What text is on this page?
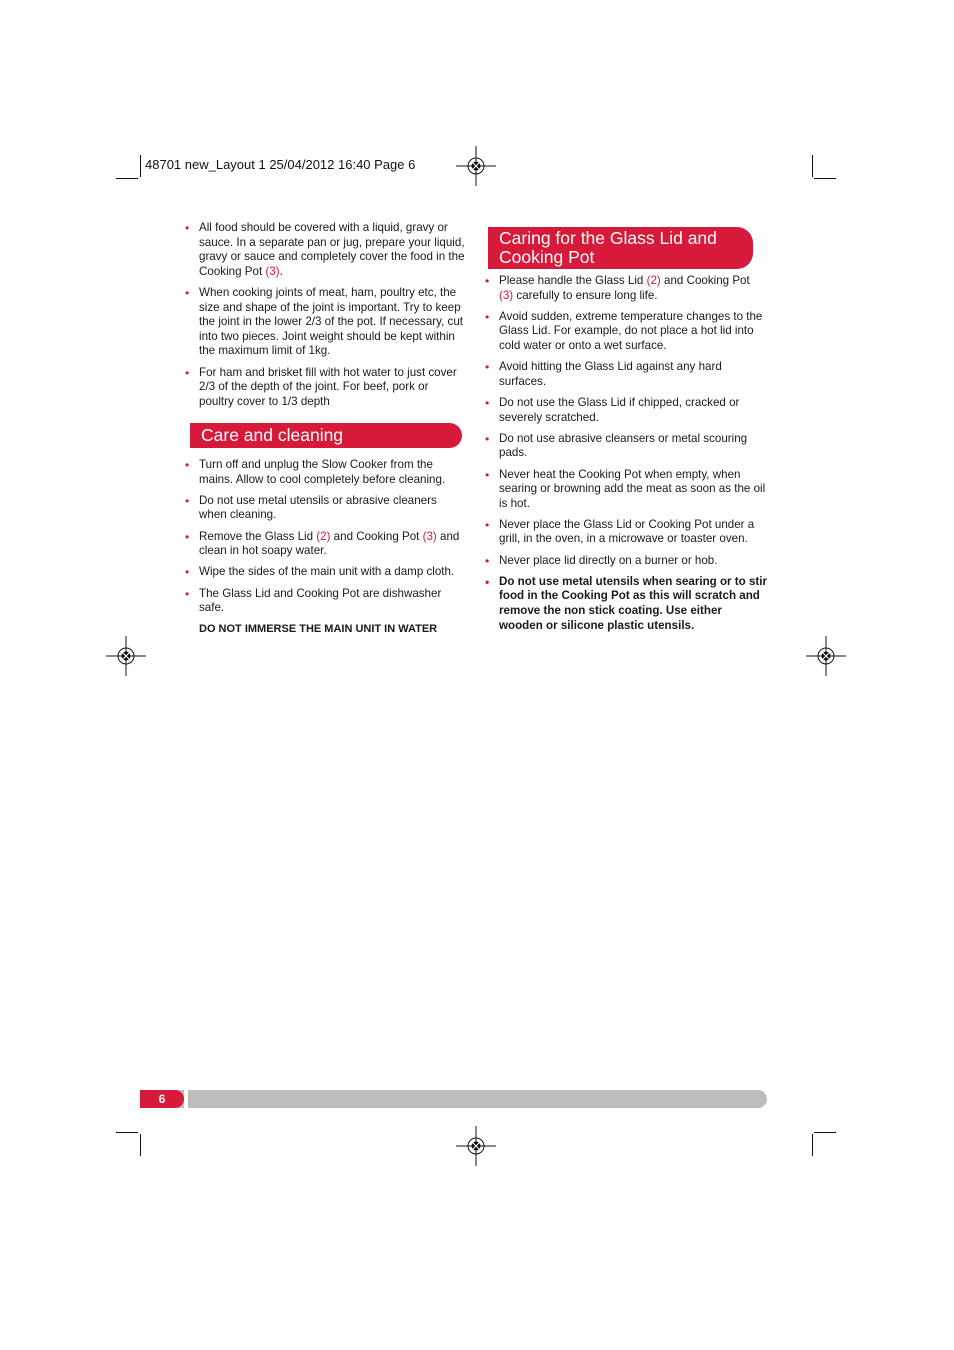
48701 new_Layout 1 25/04/2012 16:40 Page 6
• All food should be covered with a liquid, gravy or sauce. In a separate pan or jug, prepare your liquid, gravy or sauce and completely cover the food in the Cooking Pot (3).
• When cooking joints of meat, ham, poultry etc, the size and shape of the joint is important. Try to keep the joint in the lower 2/3 of the pot. If necessary, cut into two pieces. Joint weight should be kept within the maximum limit of 1kg.
• For ham and brisket fill with hot water to just cover 2/3 of the depth of the joint. For beef, pork or poultry cover to 1/3 depth
Care and cleaning
• Turn off and unplug the Slow Cooker from the mains. Allow to cool completely before cleaning.
• Do not use metal utensils or abrasive cleaners when cleaning.
• Remove the Glass Lid (2) and Cooking Pot (3) and clean in hot soapy water.
• Wipe the sides of the main unit with a damp cloth.
• The Glass Lid and Cooking Pot are dishwasher safe.
DO NOT IMMERSE THE MAIN UNIT IN WATER
Caring for the Glass Lid and
Cooking Pot
• Please handle the Glass Lid (2) and Cooking Pot (3) carefully to ensure long life.
• Avoid sudden, extreme temperature changes to the Glass Lid. For example, do not place a hot lid into cold water or onto a wet surface.
• Avoid hitting the Glass Lid against any hard surfaces.
• Do not use the Glass Lid if chipped, cracked or severely scratched.
• Do not use abrasive cleansers or metal scouring pads.
• Never heat the Cooking Pot when empty, when searing or browning add the meat as soon as the oil is hot.
• Never place the Glass Lid or Cooking Pot under a grill, in the oven, in a microwave or toaster oven.
• Never place lid directly on a burner or hob.
• Do not use metal utensils when searing or to stir food in the Cooking Pot as this will scratch and remove the non stick coating. Use either wooden or silicone plastic utensils.
6
